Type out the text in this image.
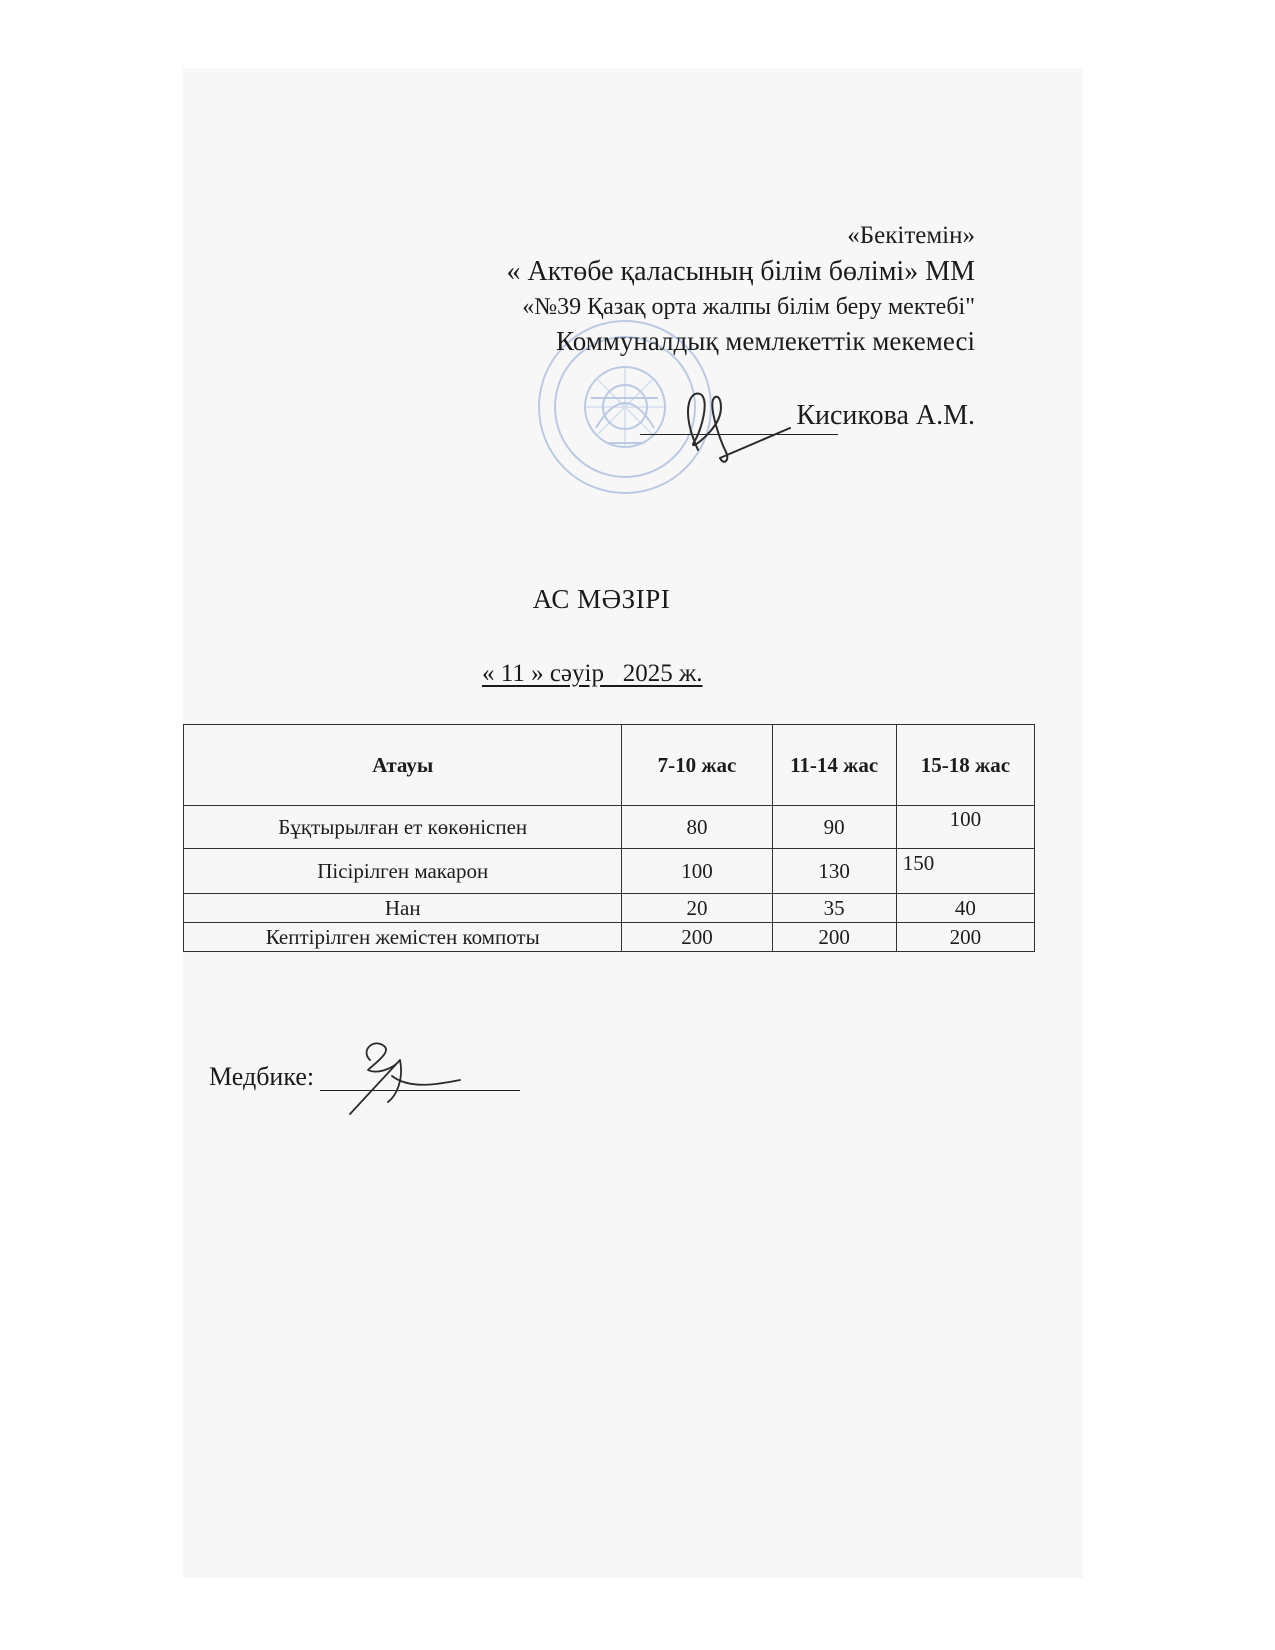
«Бекітемін»
« Актөбе қаласының білім бөлімі» ММ
«№39 Қазақ орта жалпы білім беру мектебі"
Коммуналдық мемлекеттік мекемесі
Кисикова А.М.
АС МӘЗІРІ
« 11 » сәуір   2025 ж.
Атауы	7-10 жас	11-14 жас	15-18 жас
Бұқтырылған ет көкөніспен	80	90	100
Пісірілген макарон	100	130	150
Нан	20	35	40
Кептірілген жемістен компоты	200	200	200
Медбике:
